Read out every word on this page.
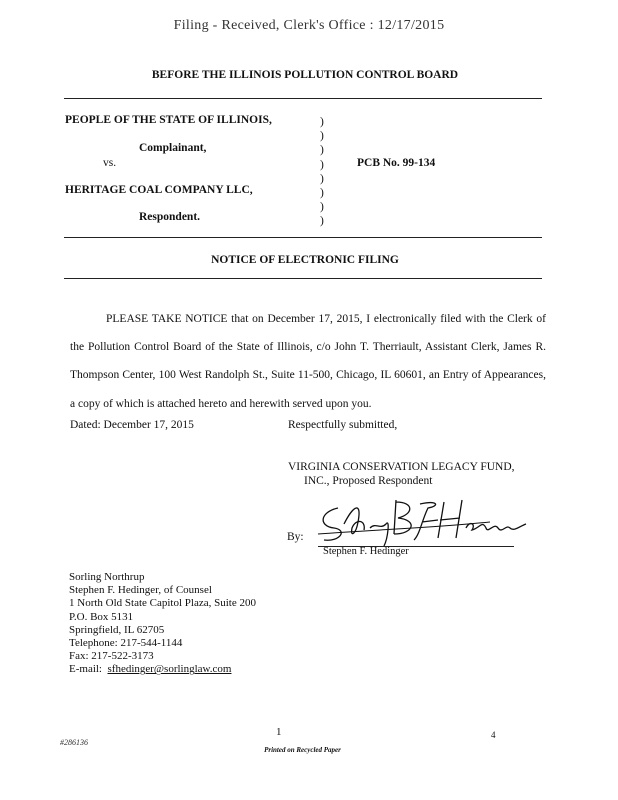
Filing - Received, Clerk's Office : 12/17/2015
BEFORE THE ILLINOIS POLLUTION CONTROL BOARD
PEOPLE OF THE STATE OF ILLINOIS,
Complainant,
vs.
HERITAGE COAL COMPANY LLC,
Respondent.
)
)
)
)
)
)
)
)
PCB No. 99-134
NOTICE OF ELECTRONIC FILING
PLEASE TAKE NOTICE that on December 17, 2015, I electronically filed with the Clerk of the Pollution Control Board of the State of Illinois, c/o John T. Therriault, Assistant Clerk, James R. Thompson Center, 100 West Randolph St., Suite 11-500, Chicago, IL 60601, an Entry of Appearances, a copy of which is attached hereto and herewith served upon you.
Dated: December 17, 2015	Respectfully submitted,
VIRGINIA CONSERVATION LEGACY FUND,
INC., Proposed Respondent
By:
Stephen F. Hedinger
Sorling Northrup
Stephen F. Hedinger, of Counsel
1 North Old State Capitol Plaza, Suite 200
P.O. Box 5131
Springfield, IL 62705
Telephone: 217-544-1144
Fax: 217-522-3173
E-mail: sfhedinger@sorlinglaw.com
1	4
#286136
Printed on Recycled Paper
